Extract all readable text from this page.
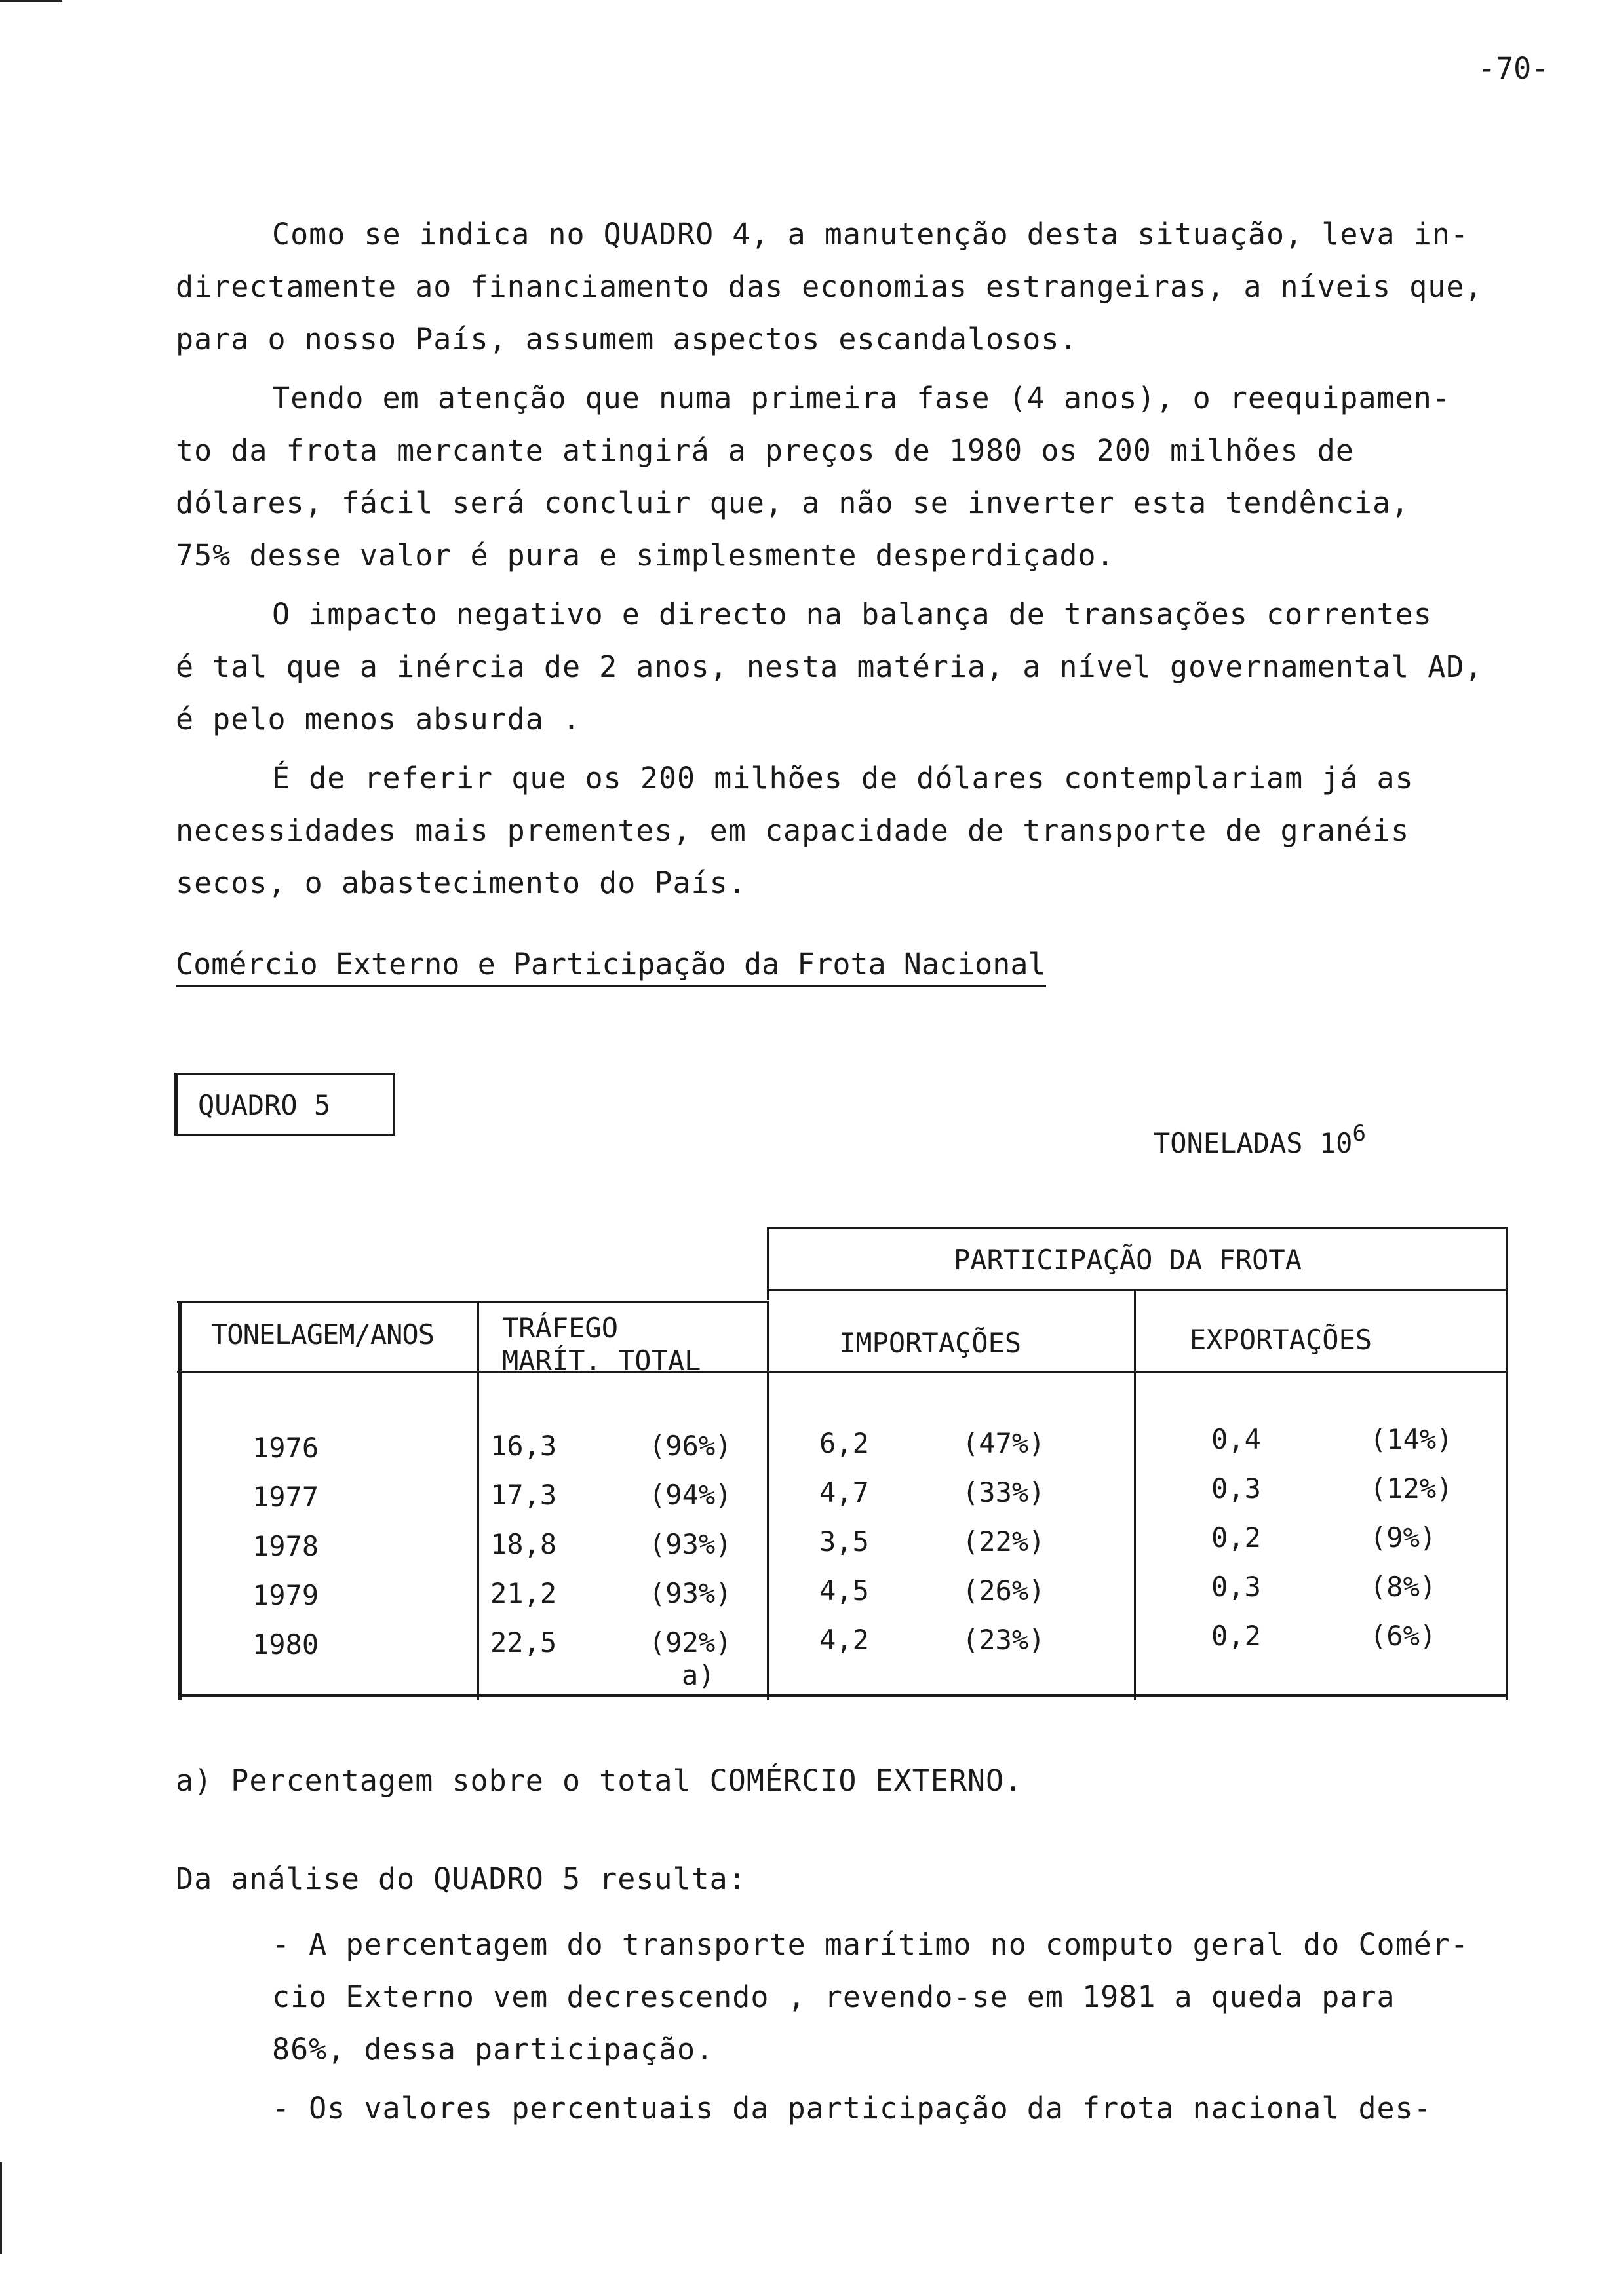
-70-
Como se indica no QUADRO 4, a manutenção desta situação, leva in-
directamente ao financiamento das economias estrangeiras, a níveis que,
para o nosso País, assumem aspectos escandalosos.
Tendo em atenção que numa primeira fase (4 anos), o reequipamen-
to da frota mercante atingirá a preços de 1980 os 200 milhões de
dólares, fácil será concluir que, a não se inverter esta tendência,
75% desse valor é pura e simplesmente desperdiçado.
O impacto negativo e directo na balança de transações correntes
é tal que a inércia de 2 anos, nesta matéria, a nível governamental AD,
é pelo menos absurda .
É de referir que os 200 milhões de dólares contemplariam já as
necessidades mais prementes, em capacidade de transporte de granéis
secos, o abastecimento do País.
Comércio Externo e Participação da Frota Nacional
QUADRO 5
TONELADAS $10^6$
PARTICIPAÇÃO DA FROTA
TONELAGEM/ANOS TRÁFEGO
MARÍT. TOTAL
IMPORTAÇÕES	EXPORTAÇÕES
1976	16,3	(96%)	6,2	(47%)	0,4	(14%)
1977	17,3	(94%)	4,7	(33%)	0,3	(12%)
1978	18,8	(93%)	3,5	(22%)	0,2	(9%)
1979	21,2	(93%)	4,5	(26%)	0,3	(8%)
1980	22,5	(92%)	4,2	(23%)	0,2	(6%)
a)
a) Percentagem sobre o total COMÉRCIO EXTERNO.
Da análise do QUADRO 5 resulta:
- A percentagem do transporte marítimo no computo geral do Comér-
cio Externo vem decrescendo , revendo-se em 1981 a queda para
86%, dessa participação.
- Os valores percentuais da participação da frota nacional des-
